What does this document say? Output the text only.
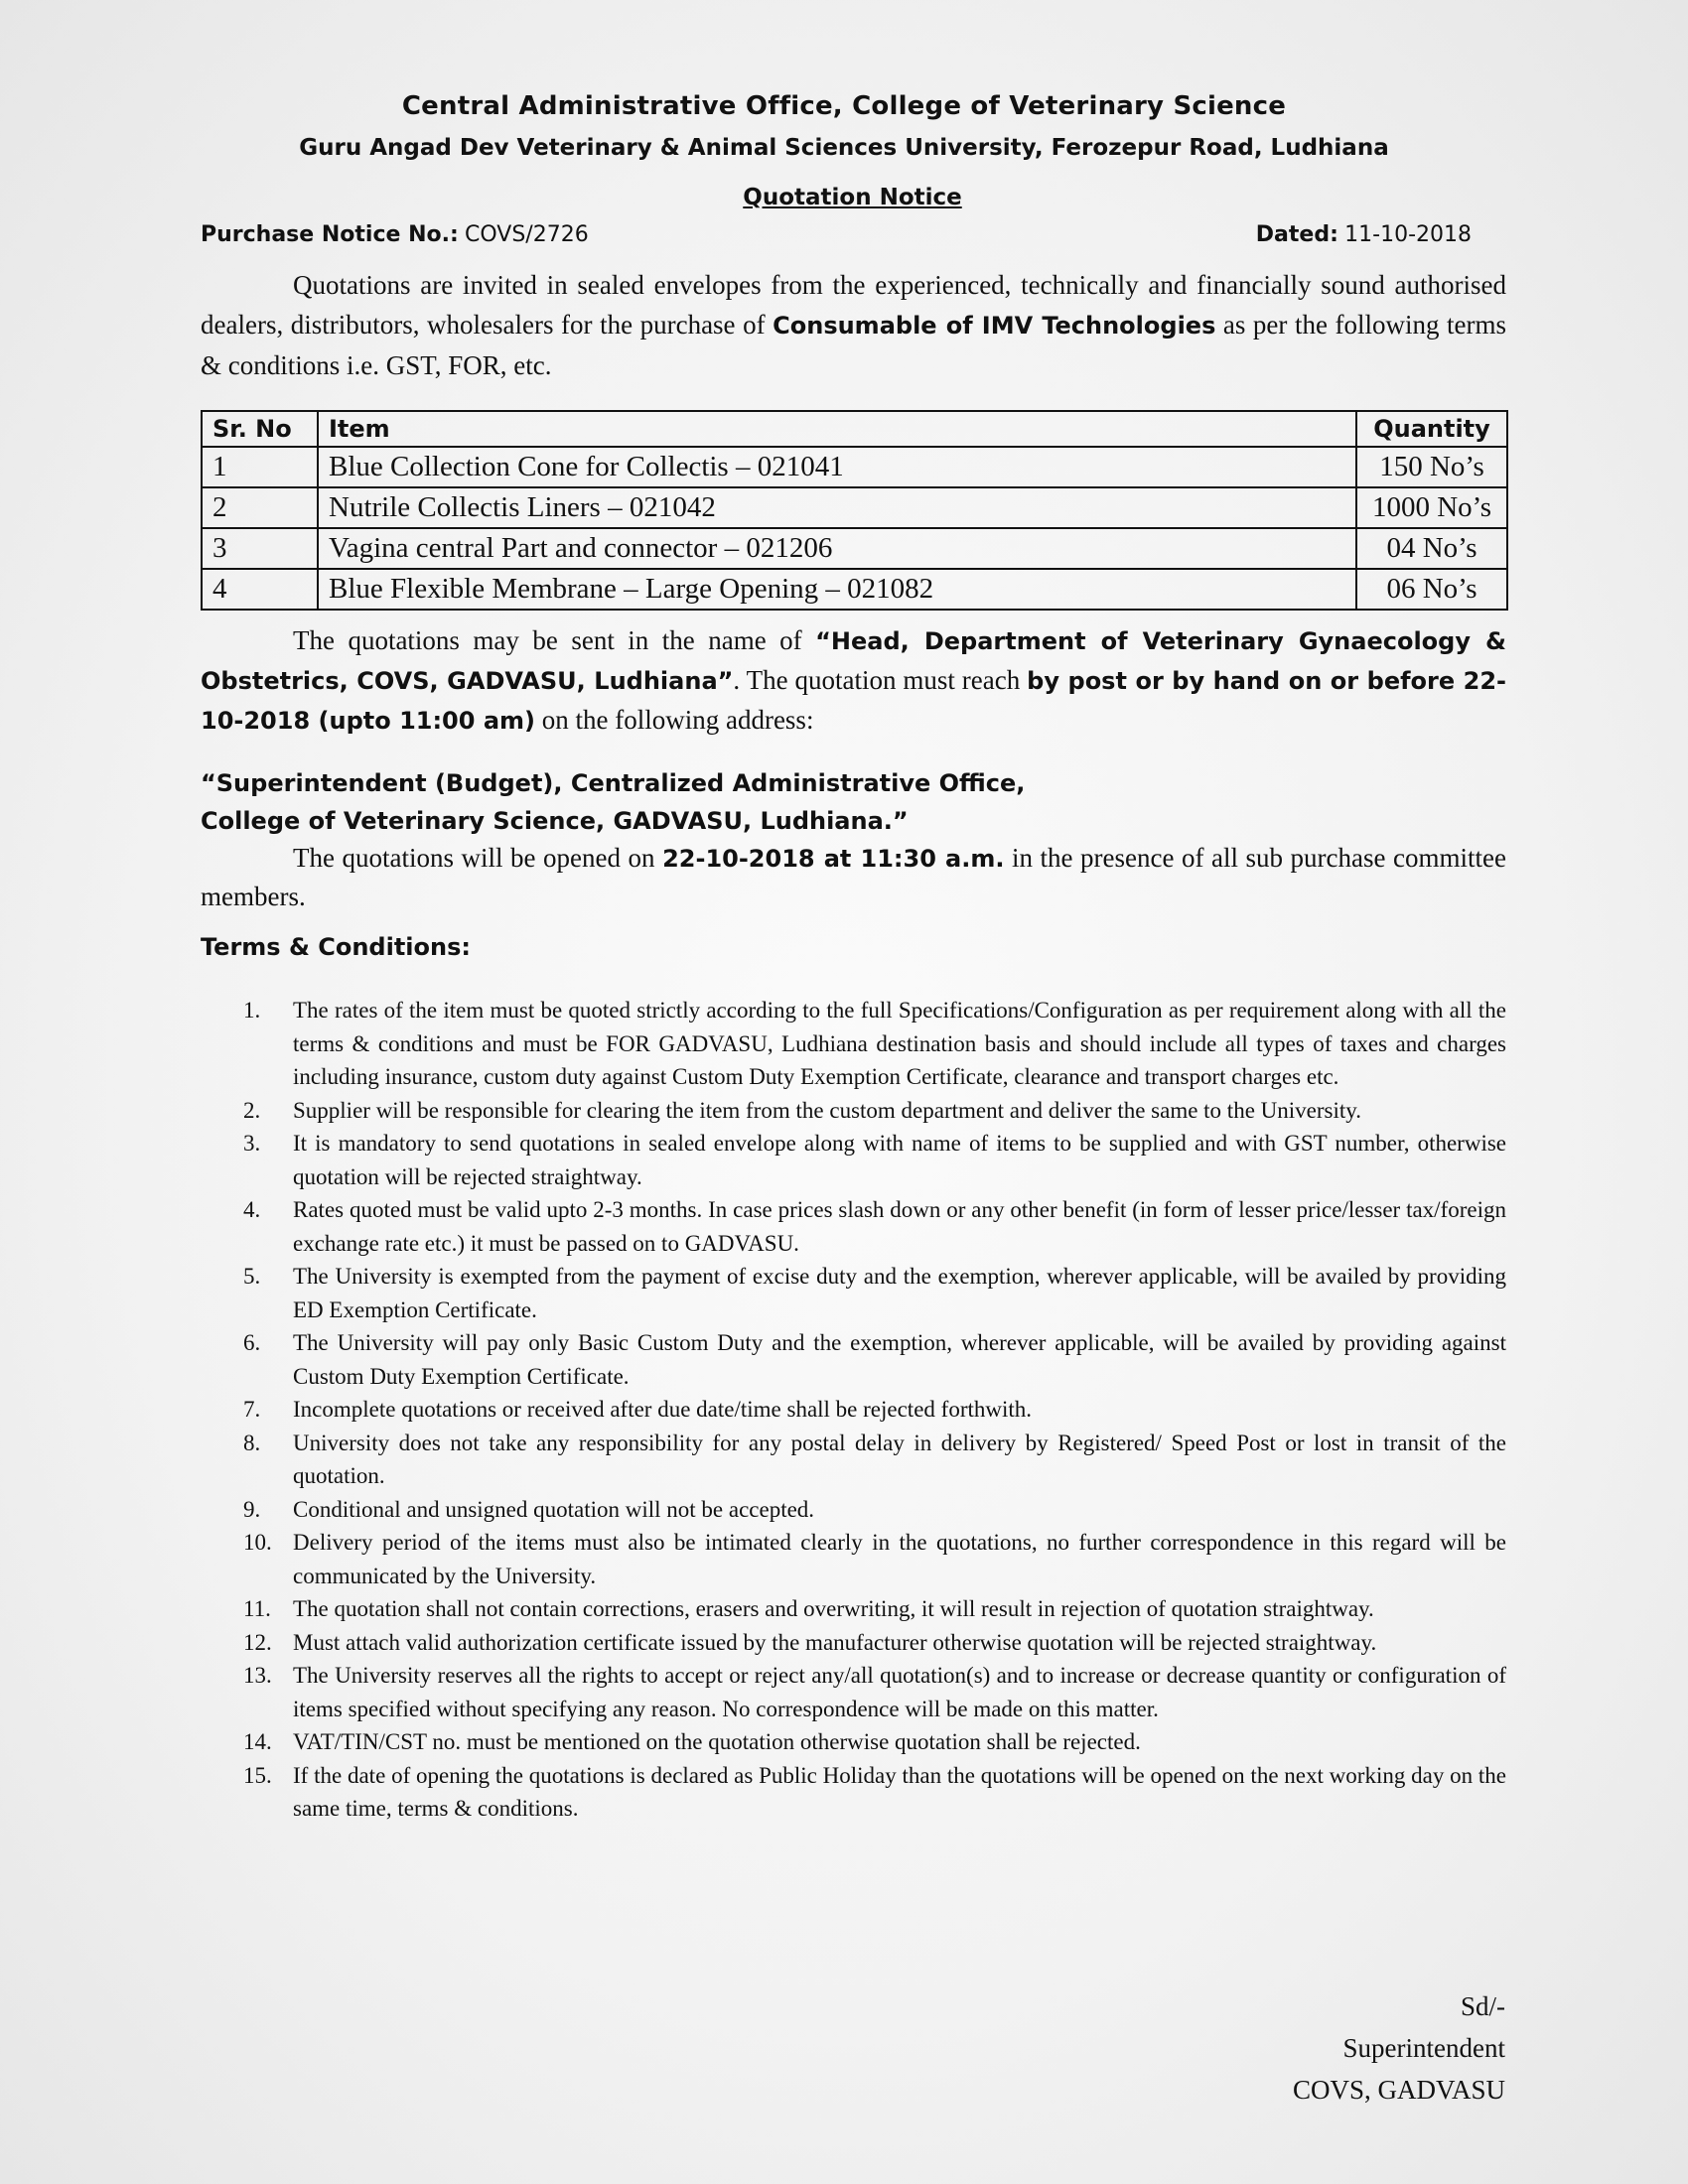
Central Administrative Office, College of Veterinary Science
Guru Angad Dev Veterinary & Animal Sciences University, Ferozepur Road, Ludhiana
Quotation Notice
Purchase Notice No.: COVS/2726	Dated: 11-10-2018
Quotations are invited in sealed envelopes from the experienced, technically and financially sound authorised dealers, distributors, wholesalers for the purchase of Consumable of IMV Technologies as per the following terms & conditions i.e. GST, FOR, etc.
Sr. No	Item	Quantity
1	Blue Collection Cone for Collectis – 021041	150 No’s
2	Nutrile Collectis Liners – 021042	1000 No’s
3	Vagina central Part and connector – 021206	04 No’s
4	Blue Flexible Membrane – Large Opening – 021082	06 No’s
The quotations may be sent in the name of “Head, Department of Veterinary Gynaecology & Obstetrics, COVS, GADVASU, Ludhiana”. The quotation must reach by post or by hand on or before 22-10-2018 (upto 11:00 am) on the following address:
“Superintendent (Budget), Centralized Administrative Office,
College of Veterinary Science, GADVASU, Ludhiana.”
The quotations will be opened on 22-10-2018 at 11:30 a.m. in the presence of all sub purchase committee members.
Terms & Conditions:
1. The rates of the item must be quoted strictly according to the full Specifications/Configuration as per requirement along with all the terms & conditions and must be FOR GADVASU, Ludhiana destination basis and should include all types of taxes and charges including insurance, custom duty against Custom Duty Exemption Certificate, clearance and transport charges etc.
2. Supplier will be responsible for clearing the item from the custom department and deliver the same to the University.
3. It is mandatory to send quotations in sealed envelope along with name of items to be supplied and with GST number, otherwise quotation will be rejected straightway.
4. Rates quoted must be valid upto 2-3 months. In case prices slash down or any other benefit (in form of lesser price/lesser tax/foreign exchange rate etc.) it must be passed on to GADVASU.
5. The University is exempted from the payment of excise duty and the exemption, wherever applicable, will be availed by providing ED Exemption Certificate.
6. The University will pay only Basic Custom Duty and the exemption, wherever applicable, will be availed by providing against Custom Duty Exemption Certificate.
7. Incomplete quotations or received after due date/time shall be rejected forthwith.
8. University does not take any responsibility for any postal delay in delivery by Registered/ Speed Post or lost in transit of the quotation.
9. Conditional and unsigned quotation will not be accepted.
10. Delivery period of the items must also be intimated clearly in the quotations, no further correspondence in this regard will be communicated by the University.
11. The quotation shall not contain corrections, erasers and overwriting, it will result in rejection of quotation straightway.
12. Must attach valid authorization certificate issued by the manufacturer otherwise quotation will be rejected straightway.
13. The University reserves all the rights to accept or reject any/all quotation(s) and to increase or decrease quantity or configuration of items specified without specifying any reason. No correspondence will be made on this matter.
14. VAT/TIN/CST no. must be mentioned on the quotation otherwise quotation shall be rejected.
15. If the date of opening the quotations is declared as Public Holiday than the quotations will be opened on the next working day on the same time, terms & conditions.
Sd/-
Superintendent
COVS, GADVASU
